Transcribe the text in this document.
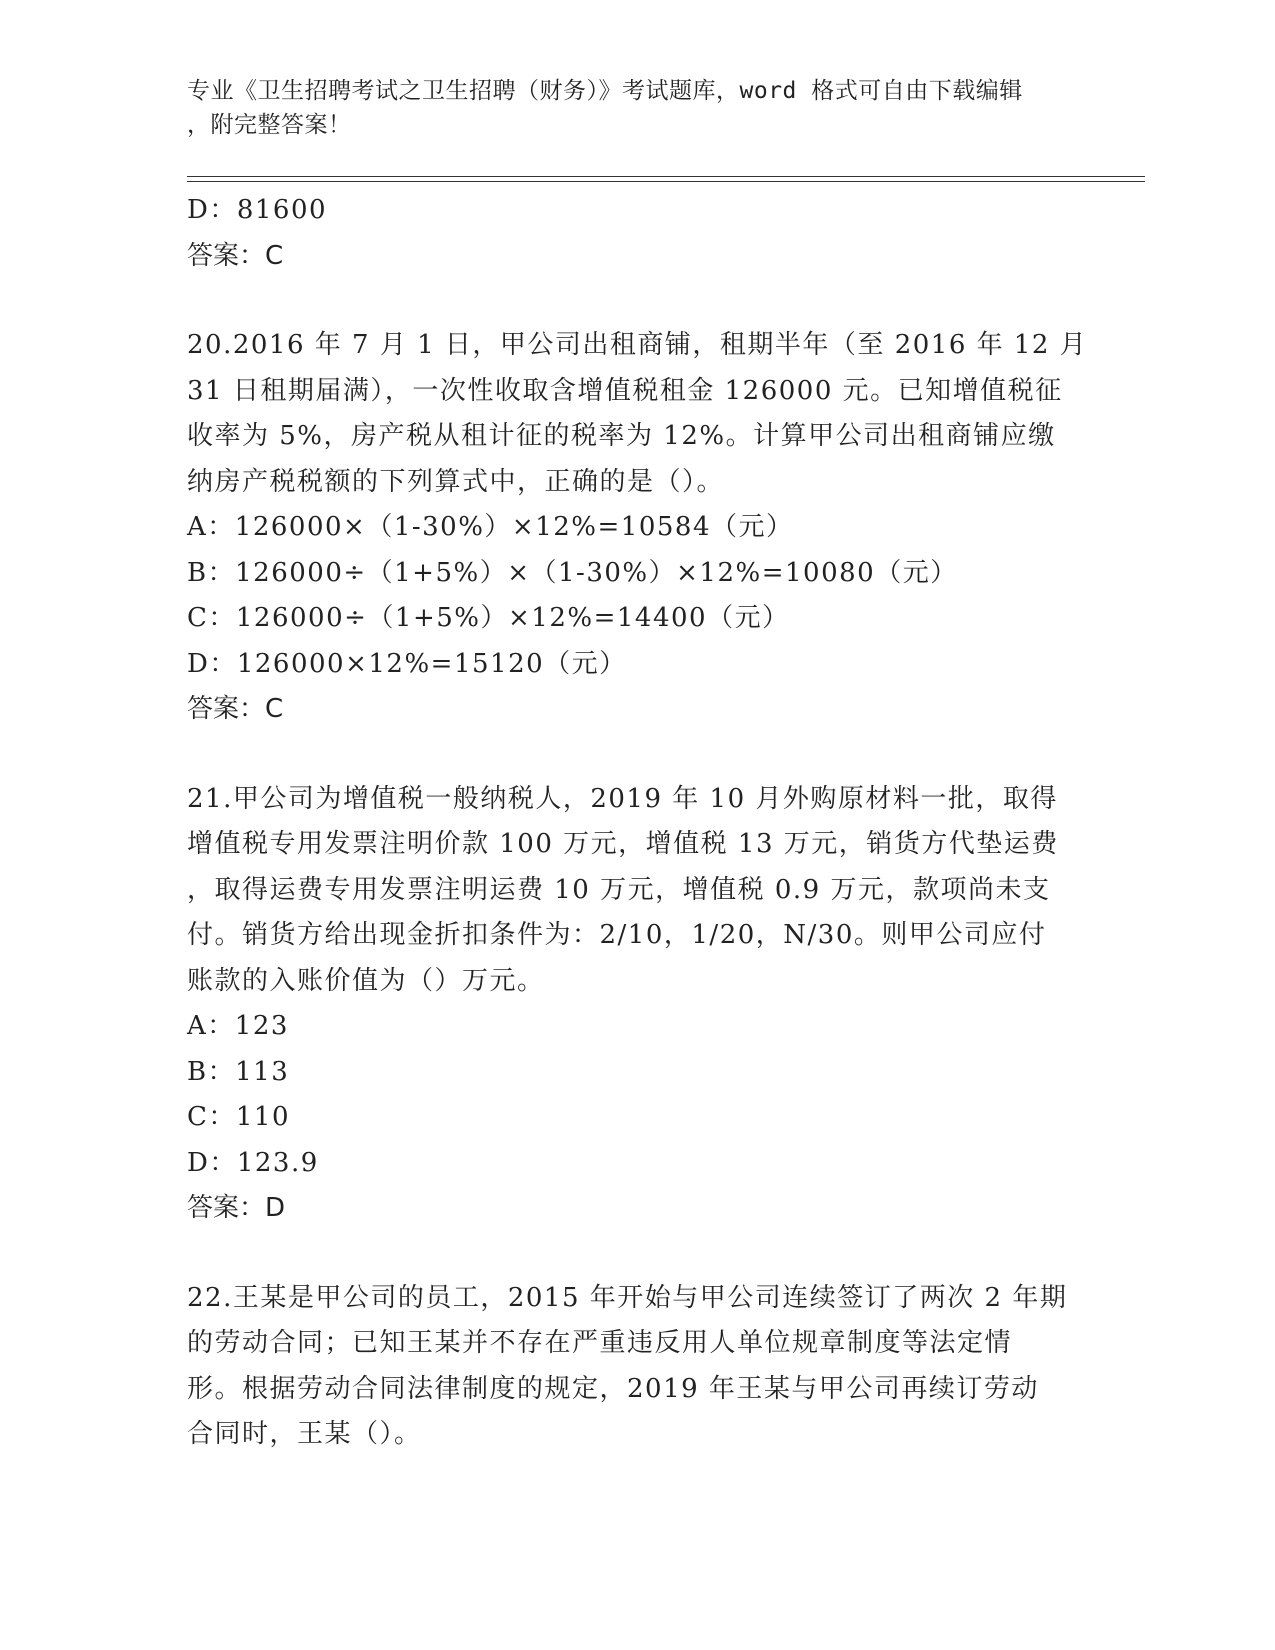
专业《卫生招聘考试之卫生招聘（财务）》考试题库，word 格式可自由下载编辑
，附完整答案！
D：81600
答案：C
20.2016 年 7 月 1 日，甲公司出租商铺，租期半年（至 2016 年 12 月
31 日租期届满），一次性收取含增值税租金 126000 元。已知增值税征
收率为 5%，房产税从租计征的税率为 12%。计算甲公司出租商铺应缴
纳房产税税额的下列算式中，正确的是（）。
A：126000×（1-30%）×12%=10584（元）
B：126000÷（1+5%）×（1-30%）×12%=10080（元）
C：126000÷（1+5%）×12%=14400（元）
D：126000×12%=15120（元）
答案：C
21.甲公司为增值税一般纳税人，2019 年 10 月外购原材料一批，取得
增值税专用发票注明价款 100 万元，增值税 13 万元，销货方代垫运费
，取得运费专用发票注明运费 10 万元，增值税 0.9 万元，款项尚未支
付。销货方给出现金折扣条件为：2/10，1/20，N/30。则甲公司应付
账款的入账价值为（）万元。
A：123
B：113
C：110
D：123.9
答案：D
22.王某是甲公司的员工，2015 年开始与甲公司连续签订了两次 2 年期
的劳动合同；已知王某并不存在严重违反用人单位规章制度等法定情
形。根据劳动合同法律制度的规定，2019 年王某与甲公司再续订劳动
合同时，王某（）。
